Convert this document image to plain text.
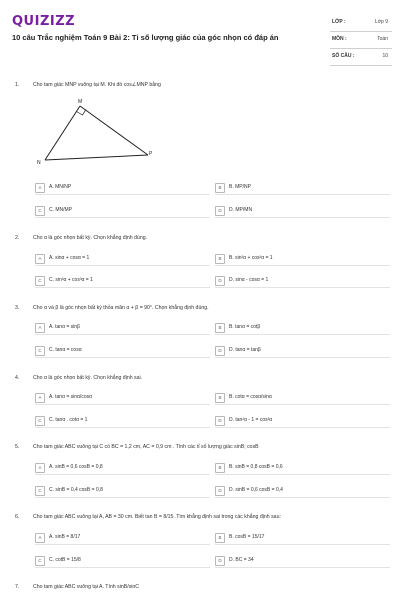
QUIZIZZ
10 câu Trắc nghiệm Toán 9 Bài 2: Tỉ số lượng giác của góc nhọn có đáp án
LỚP :	Lớp 9
MÔN :	Toán
SỐ CÂU :	10
1.	Cho tam giác MNP vuông tại M. Khi đó cos∠MNP bằng
M
N
P
A	A. MN/NP	B	B. MP/NP
C	C. MN/MP	D	D. MP/MN
2.	Cho α là góc nhọn bất kỳ. Chọn khẳng định đúng.
A	A. sinα + cosα = 1	B	B. sin²α + cos²α = 1
C	C. sin³α + cos³α = 1	D	D. sinα - cosα = 1
3.	Cho α và β là góc nhọn bất kỳ thỏa mãn α + β = 90°. Chọn khẳng định đúng.
A	A. tanα = sinβ	B	B. tanα = cotβ
C	C. tanα = cosα	D	D. tanα = tanβ
4.	Cho α là góc nhọn bất kỳ. Chọn khẳng định sai.
A	A. tanα = sinα/cosα	B	B. cotα = cosα/sinα
C	C. tanα . cotα = 1	D	D. tan²α - 1 = cos²α
5.	Cho tam giác ABC vuông tại C có BC = 1,2 cm, AC = 0,9 cm . Tính các tỉ số lượng giác sinB; cosB
A	A. sinB = 0,6 cosB = 0,8	B	B. sinB = 0,8 cosB = 0,6
C	C. sinB = 0,4 cosB = 0,8	D	D. sinB = 0,6 cosB = 0,4
6.	Cho tam giác ABC vuông tại A, AB = 30 cm. Biết tan B = 8/15. Tìm khẳng định sai trong các khẳng định sau:
A	A. sinB = 8/17	B	B. cosB = 15/17
C	C. cotB = 15/8	D	D. BC = 34
7.	Cho tam giác ABC vuông tại A. Tính sinB/sinC
